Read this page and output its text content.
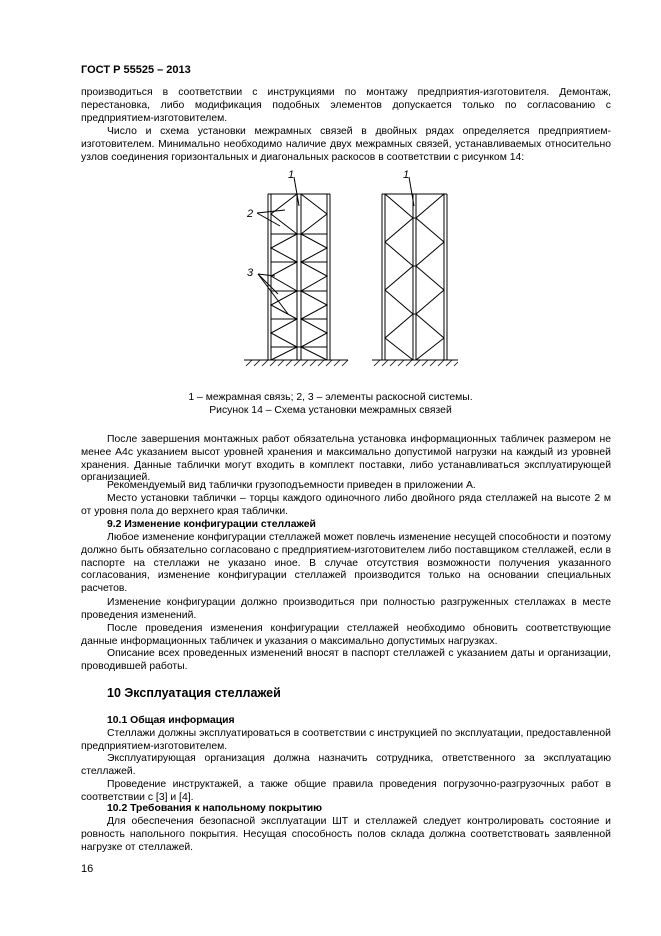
ГОСТ Р 55525 – 2013

производиться в соответствии с инструкциями по монтажу предприятия-изготовителя. Демонтаж, перестановка, либо модификация подобных элементов допускается только по согласованию с предприятием-изготовителем.

Число и схема установки межрамных связей в двойных рядах определяется предприятием-изготовителем. Минимально необходимо наличие двух межрамных связей, устанавливаемых относительно узлов соединения горизонтальных и диагональных раскосов в соответствии с рисунком 14:

1	1
2
3
1 – межрамная связь; 2, 3 – элементы раскосной системы.
Рисунок 14 – Схема установки межрамных связей

После завершения монтажных работ обязательна установка информационных табличек размером не менее А4с указанием высот уровней хранения и максимально допустимой нагрузки на каждый из уровней хранения. Данные таблички могут входить в комплект поставки, либо устанавливаться эксплуатирующей организацией.

Рекомендуемый вид таблички грузоподъемности приведен в приложении А.

Место установки таблички – торцы каждого одиночного либо двойного ряда стеллажей на высоте 2 м от уровня пола до верхнего края таблички.

9.2 Изменение конфигурации стеллажей

Любое изменение конфигурации стеллажей может повлечь изменение несущей способности и поэтому должно быть обязательно согласовано с предприятием-изготовителем либо поставщиком стеллажей, если в паспорте на стеллажи не указано иное. В случае отсутствия возможности получения указанного согласования, изменение конфигурации стеллажей производится только на основании специальных расчетов.

Изменение конфигурации должно производиться при полностью разгруженных стеллажах в месте проведения изменений.

После проведения изменения конфигурации стеллажей необходимо обновить соответствующие данные информационных табличек и указания о максимально допустимых нагрузках.

Описание всех проведенных изменений вносят в паспорт стеллажей с указанием даты и организации, проводившей работы.

10 Эксплуатация стеллажей

10.1 Общая информация

Стеллажи должны эксплуатироваться в соответствии с инструкцией по эксплуатации, предоставленной предприятием-изготовителем.

Эксплуатирующая организация должна назначить сотрудника, ответственного за эксплуатацию стеллажей.

Проведение инструктажей, а также общие правила проведения погрузочно-разгрузочных работ в соответствии с [3] и [4].

10.2 Требования к напольному покрытию

Для обеспечения безопасной эксплуатации ШТ и стеллажей следует контролировать состояние и ровность напольного покрытия. Несущая способность полов склада должна соответствовать заявленной нагрузке от стеллажей.

16
